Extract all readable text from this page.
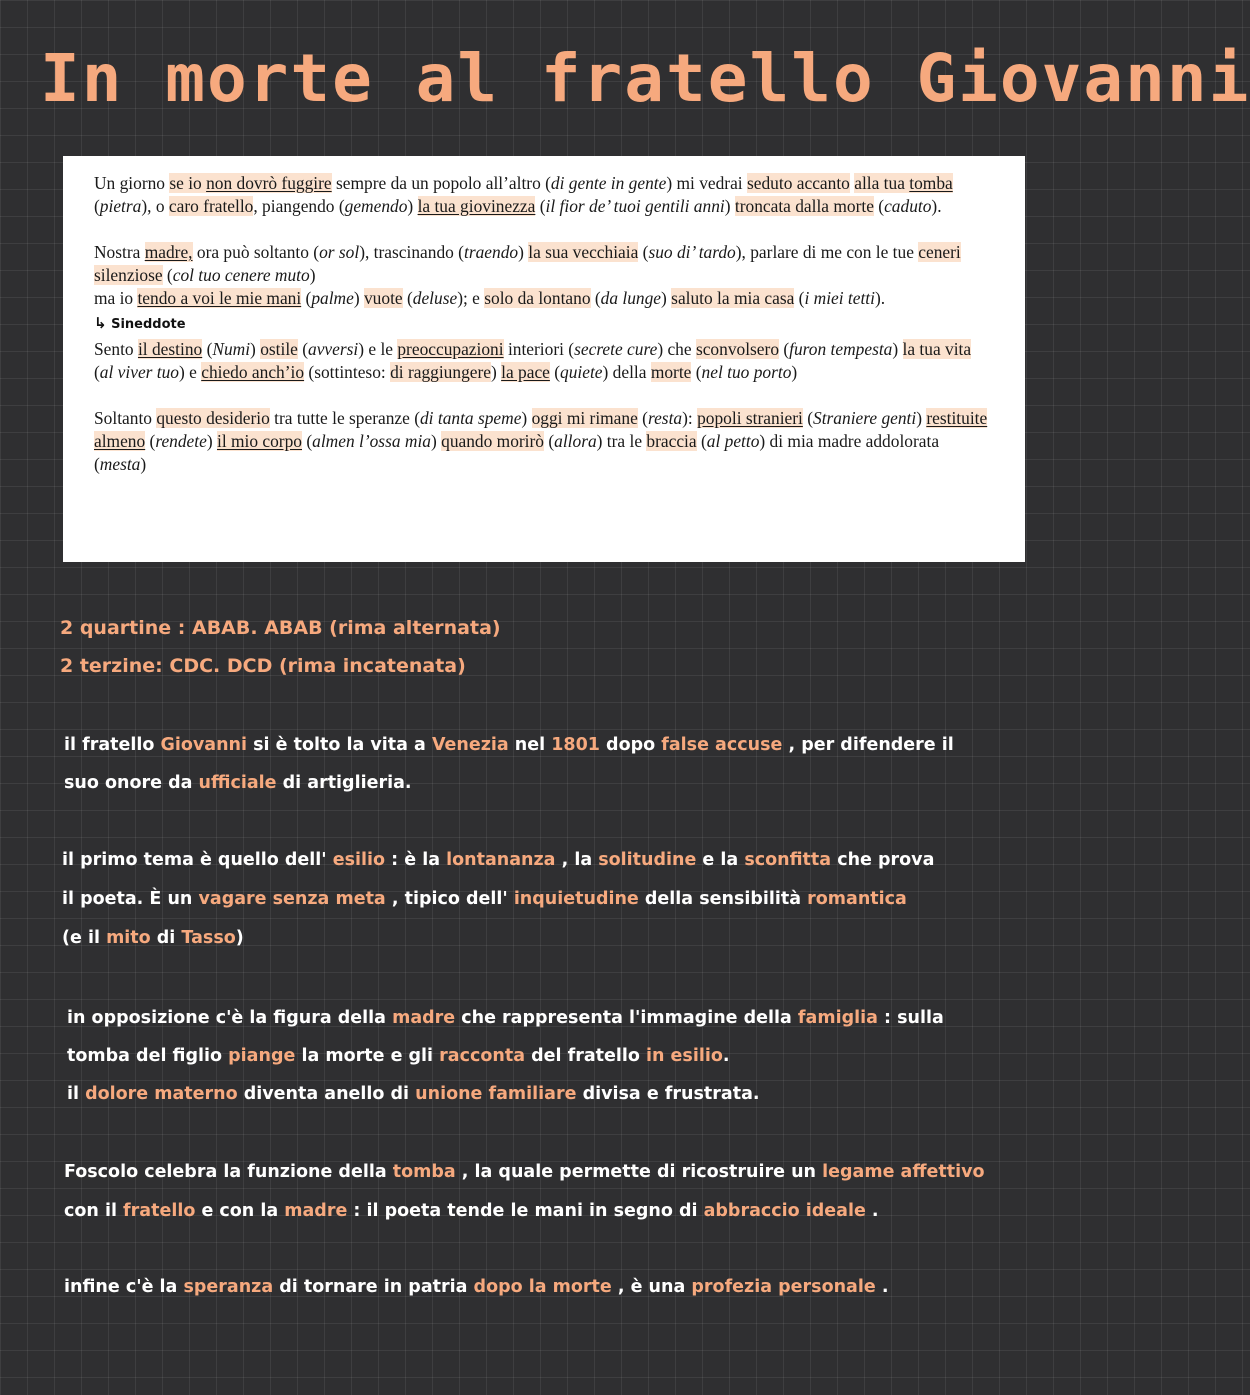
In morte al fratello Giovanni

Un giorno se io non dovrò fuggire sempre da un popolo all’altro (di gente in gente) mi vedrai seduto accanto alla tua tomba (pietra), o caro fratello, piangendo (gemendo) la tua giovinezza (il fior de’ tuoi gentili anni) troncata dalla morte (caduto).

Nostra madre, ora può soltanto (or sol), trascinando (traendo) la sua vecchiaia (suo di’ tardo), parlare di me con le tue ceneri silenziose (col tuo cenere muto)

ma io tendo a voi le mie mani (palme) vuote (deluse); e solo da lontano (da lunge) saluto la mia casa (i miei tetti).

↳ Sineddote

Sento il destino (Numi) ostile (avversi) e le preoccupazioni interiori (secrete cure) che sconvolsero (furon tempesta) la tua vita (al viver tuo) e chiedo anch’io (sottinteso: di raggiungere) la pace (quiete) della morte (nel tuo porto)

Soltanto questo desiderio tra tutte le speranze (di tanta speme) oggi mi rimane (resta): popoli stranieri (Straniere genti) restituite almeno (rendete) il mio corpo (almen l’ossa mia) quando morirò (allora) tra le braccia (al petto) di mia madre addolorata (mesta)

2 quartine : ABAB. ABAB (rima alternata)
2 terzine: CDC. DCD (rima incatenata)
il fratello Giovanni si è tolto la vita a Venezia nel 1801 dopo false accuse , per difendere il
suo onore da ufficiale di artiglieria.
il primo tema è quello dell' esilio : è la lontananza , la solitudine e la sconfitta che prova
il poeta. È un vagare senza meta , tipico dell' inquietudine della sensibilità romantica
(e il mito di Tasso)
in opposizione c'è la figura della madre che rappresenta l'immagine della famiglia : sulla
tomba del figlio piange la morte e gli racconta del fratello in esilio.
il dolore materno diventa anello di unione familiare divisa e frustrata.
Foscolo celebra la funzione della tomba , la quale permette di ricostruire un legame affettivo
con il fratello e con la madre : il poeta tende le mani in segno di abbraccio ideale .
infine c'è la speranza di tornare in patria dopo la morte , è una profezia personale .
